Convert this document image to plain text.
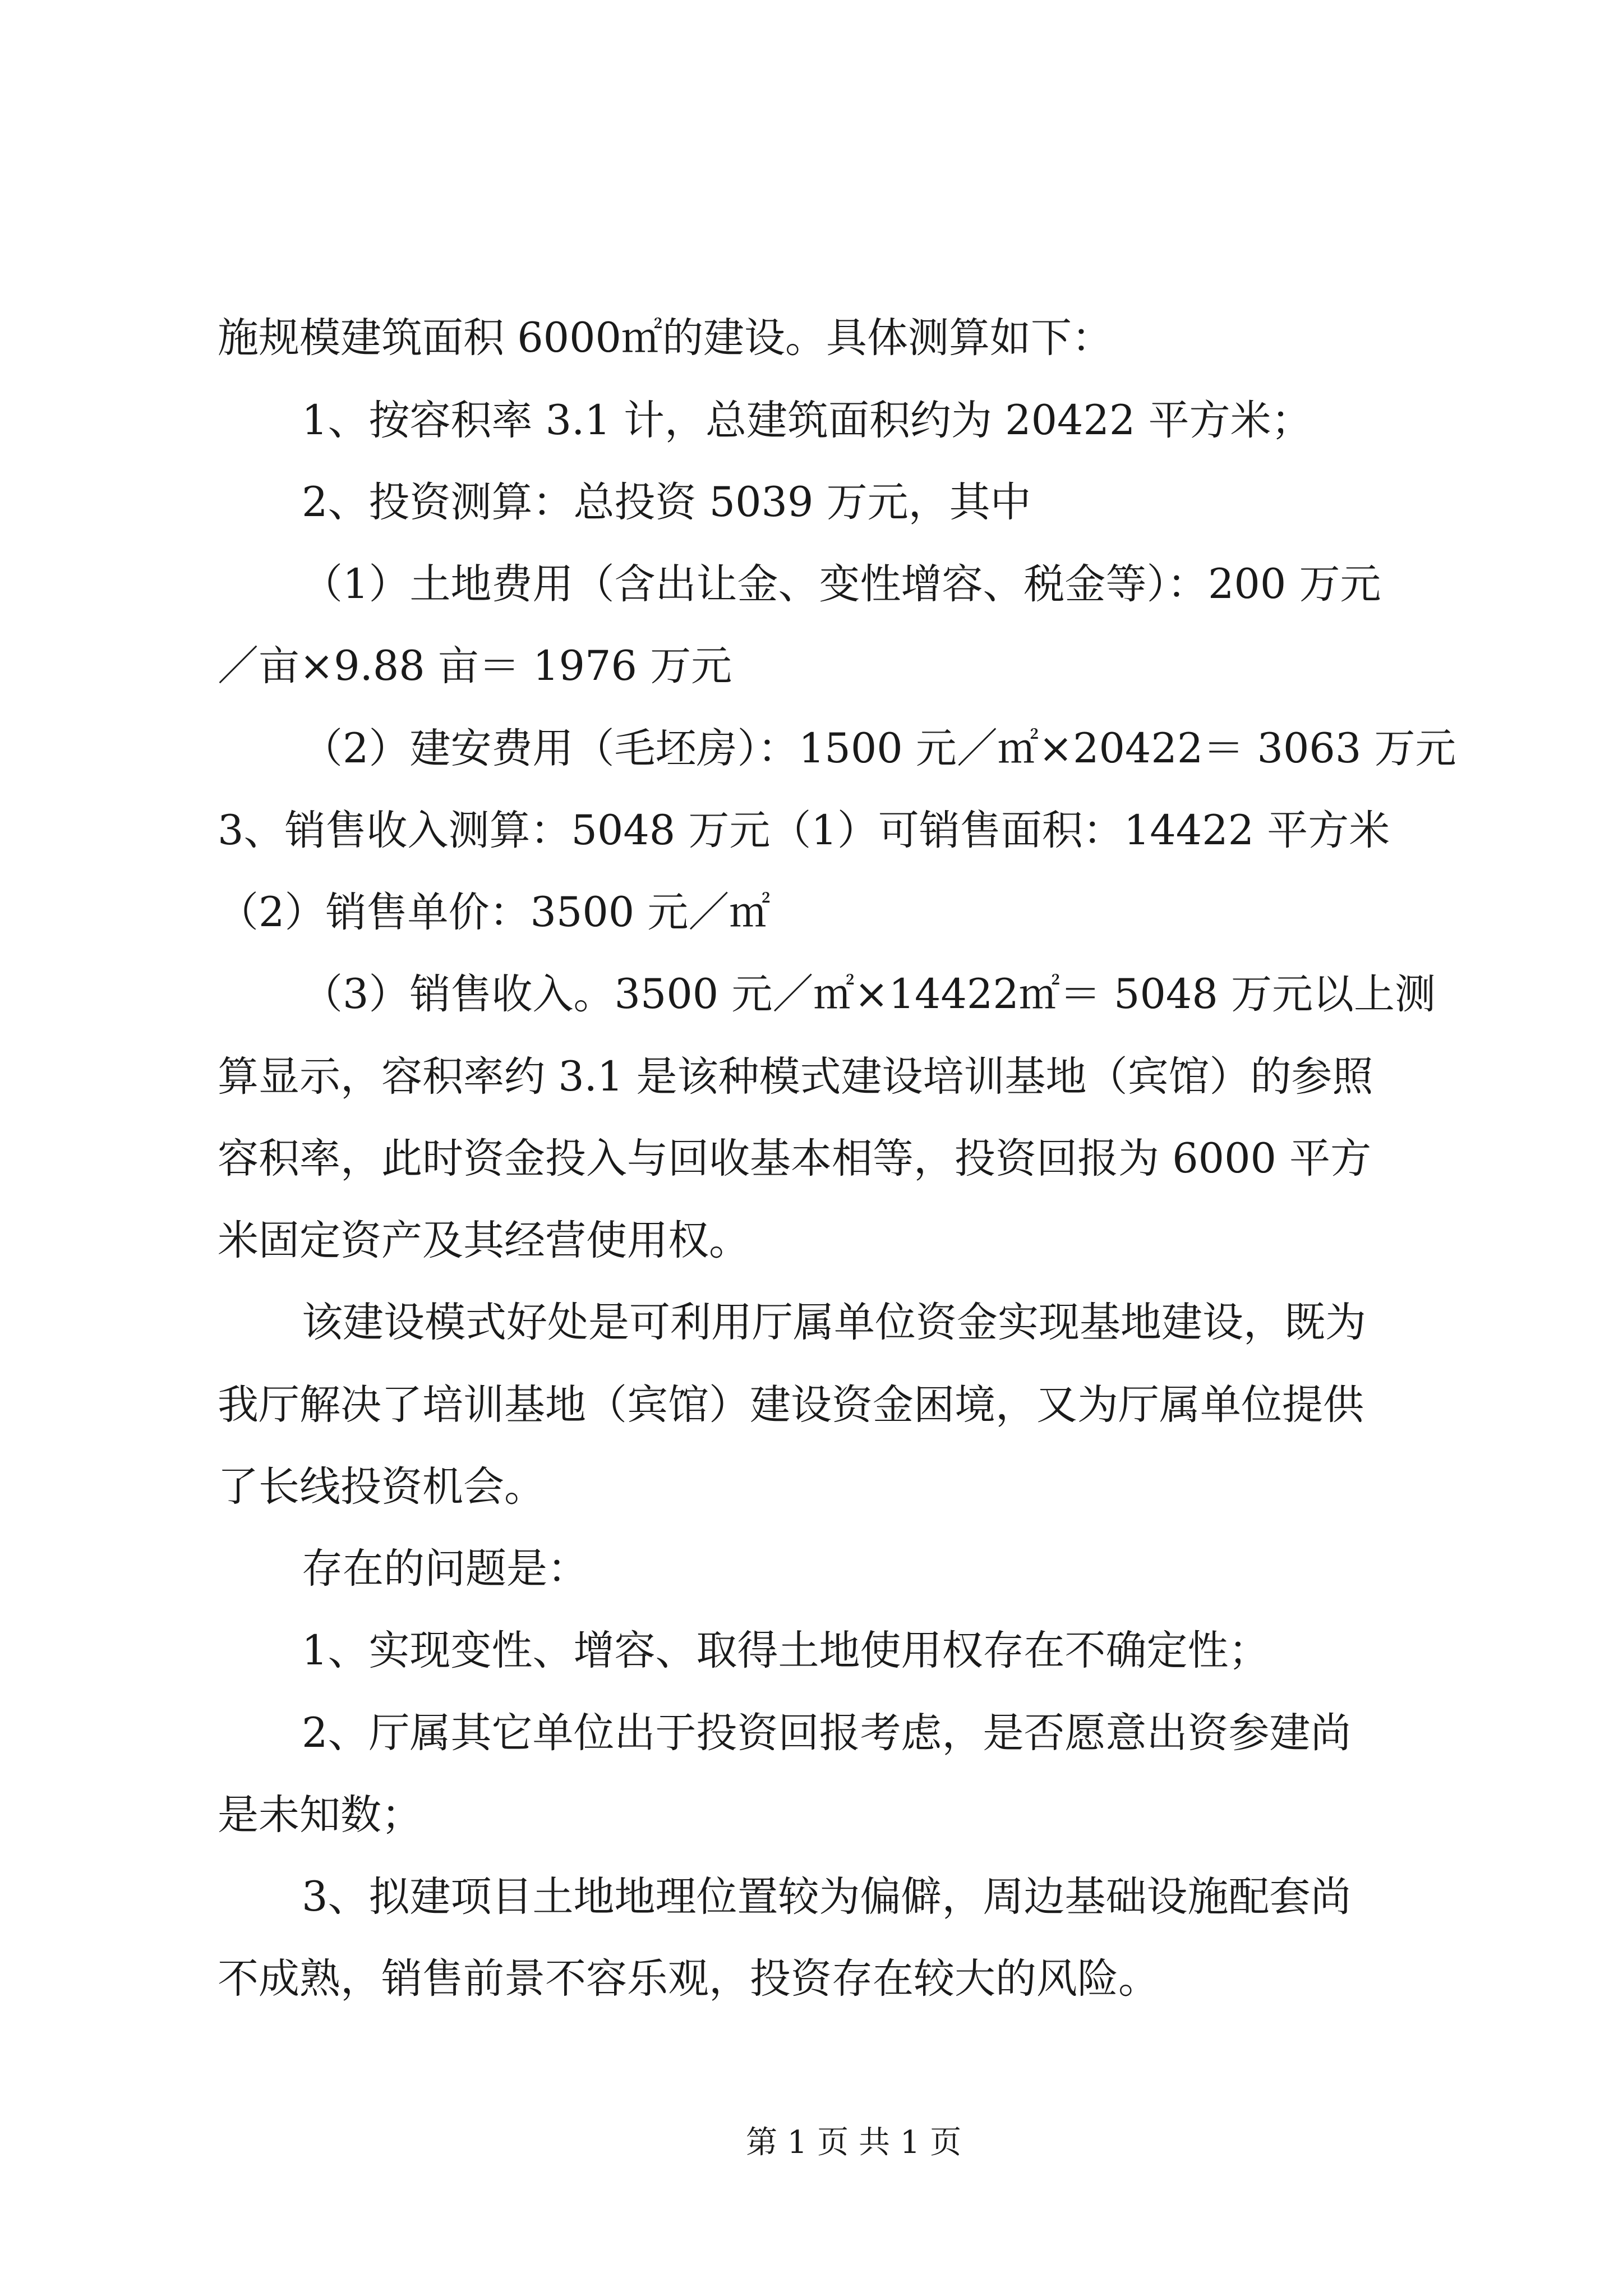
施规模建筑面积 6000㎡的建设。具体测算如下：

1、按容积率 3.1 计，总建筑面积约为 20422 平方米；

2、投资测算：总投资 5039 万元，其中

（1）土地费用（含出让金、变性增容、税金等）：200 万元

／亩×9.88 亩＝ 1976 万元

（2）建安费用（毛坯房）：1500 元／㎡×20422＝ 3063 万元

3、销售收入测算：5048 万元（1）可销售面积：14422 平方米

（2）销售单价：3500 元／㎡

（3）销售收入。3500 元／㎡×14422㎡＝ 5048 万元以上测

算显示，容积率约 3.1 是该种模式建设培训基地（宾馆）的参照

容积率，此时资金投入与回收基本相等，投资回报为 6000 平方

米固定资产及其经营使用权。

该建设模式好处是可利用厅属单位资金实现基地建设，既为

我厅解决了培训基地（宾馆）建设资金困境，又为厅属单位提供

了长线投资机会。

存在的问题是：

1、实现变性、增容、取得土地使用权存在不确定性；

2、厅属其它单位出于投资回报考虑，是否愿意出资参建尚

是未知数；

3、拟建项目土地地理位置较为偏僻，周边基础设施配套尚

不成熟，销售前景不容乐观，投资存在较大的风险。

第 1 页 共 1 页
